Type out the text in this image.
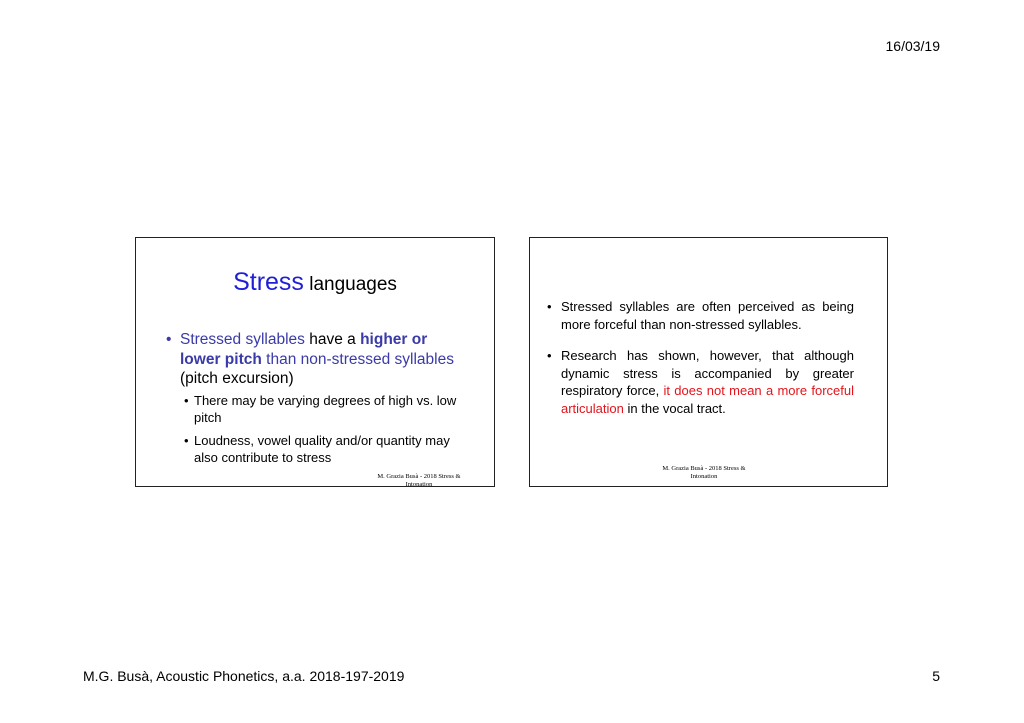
16/03/19
Stress languages
• Stressed syllables have a higher or lower pitch than non-stressed syllables (pitch excursion)
• There may be varying degrees of high vs. low pitch
• Loudness, vowel quality and/or quantity may also contribute to stress
M. Grazia Busà - 2018 Stress &
Intonation
• Stressed syllables are often perceived as being more forceful than non-stressed syllables.
• Research has shown, however, that although dynamic stress is accompanied by greater respiratory force, it does not mean a more forceful articulation in the vocal tract.
M. Grazia Busà - 2018 Stress &
Intonation
M.G. Busà, Acoustic Phonetics, a.a. 2018-197-2019	5
